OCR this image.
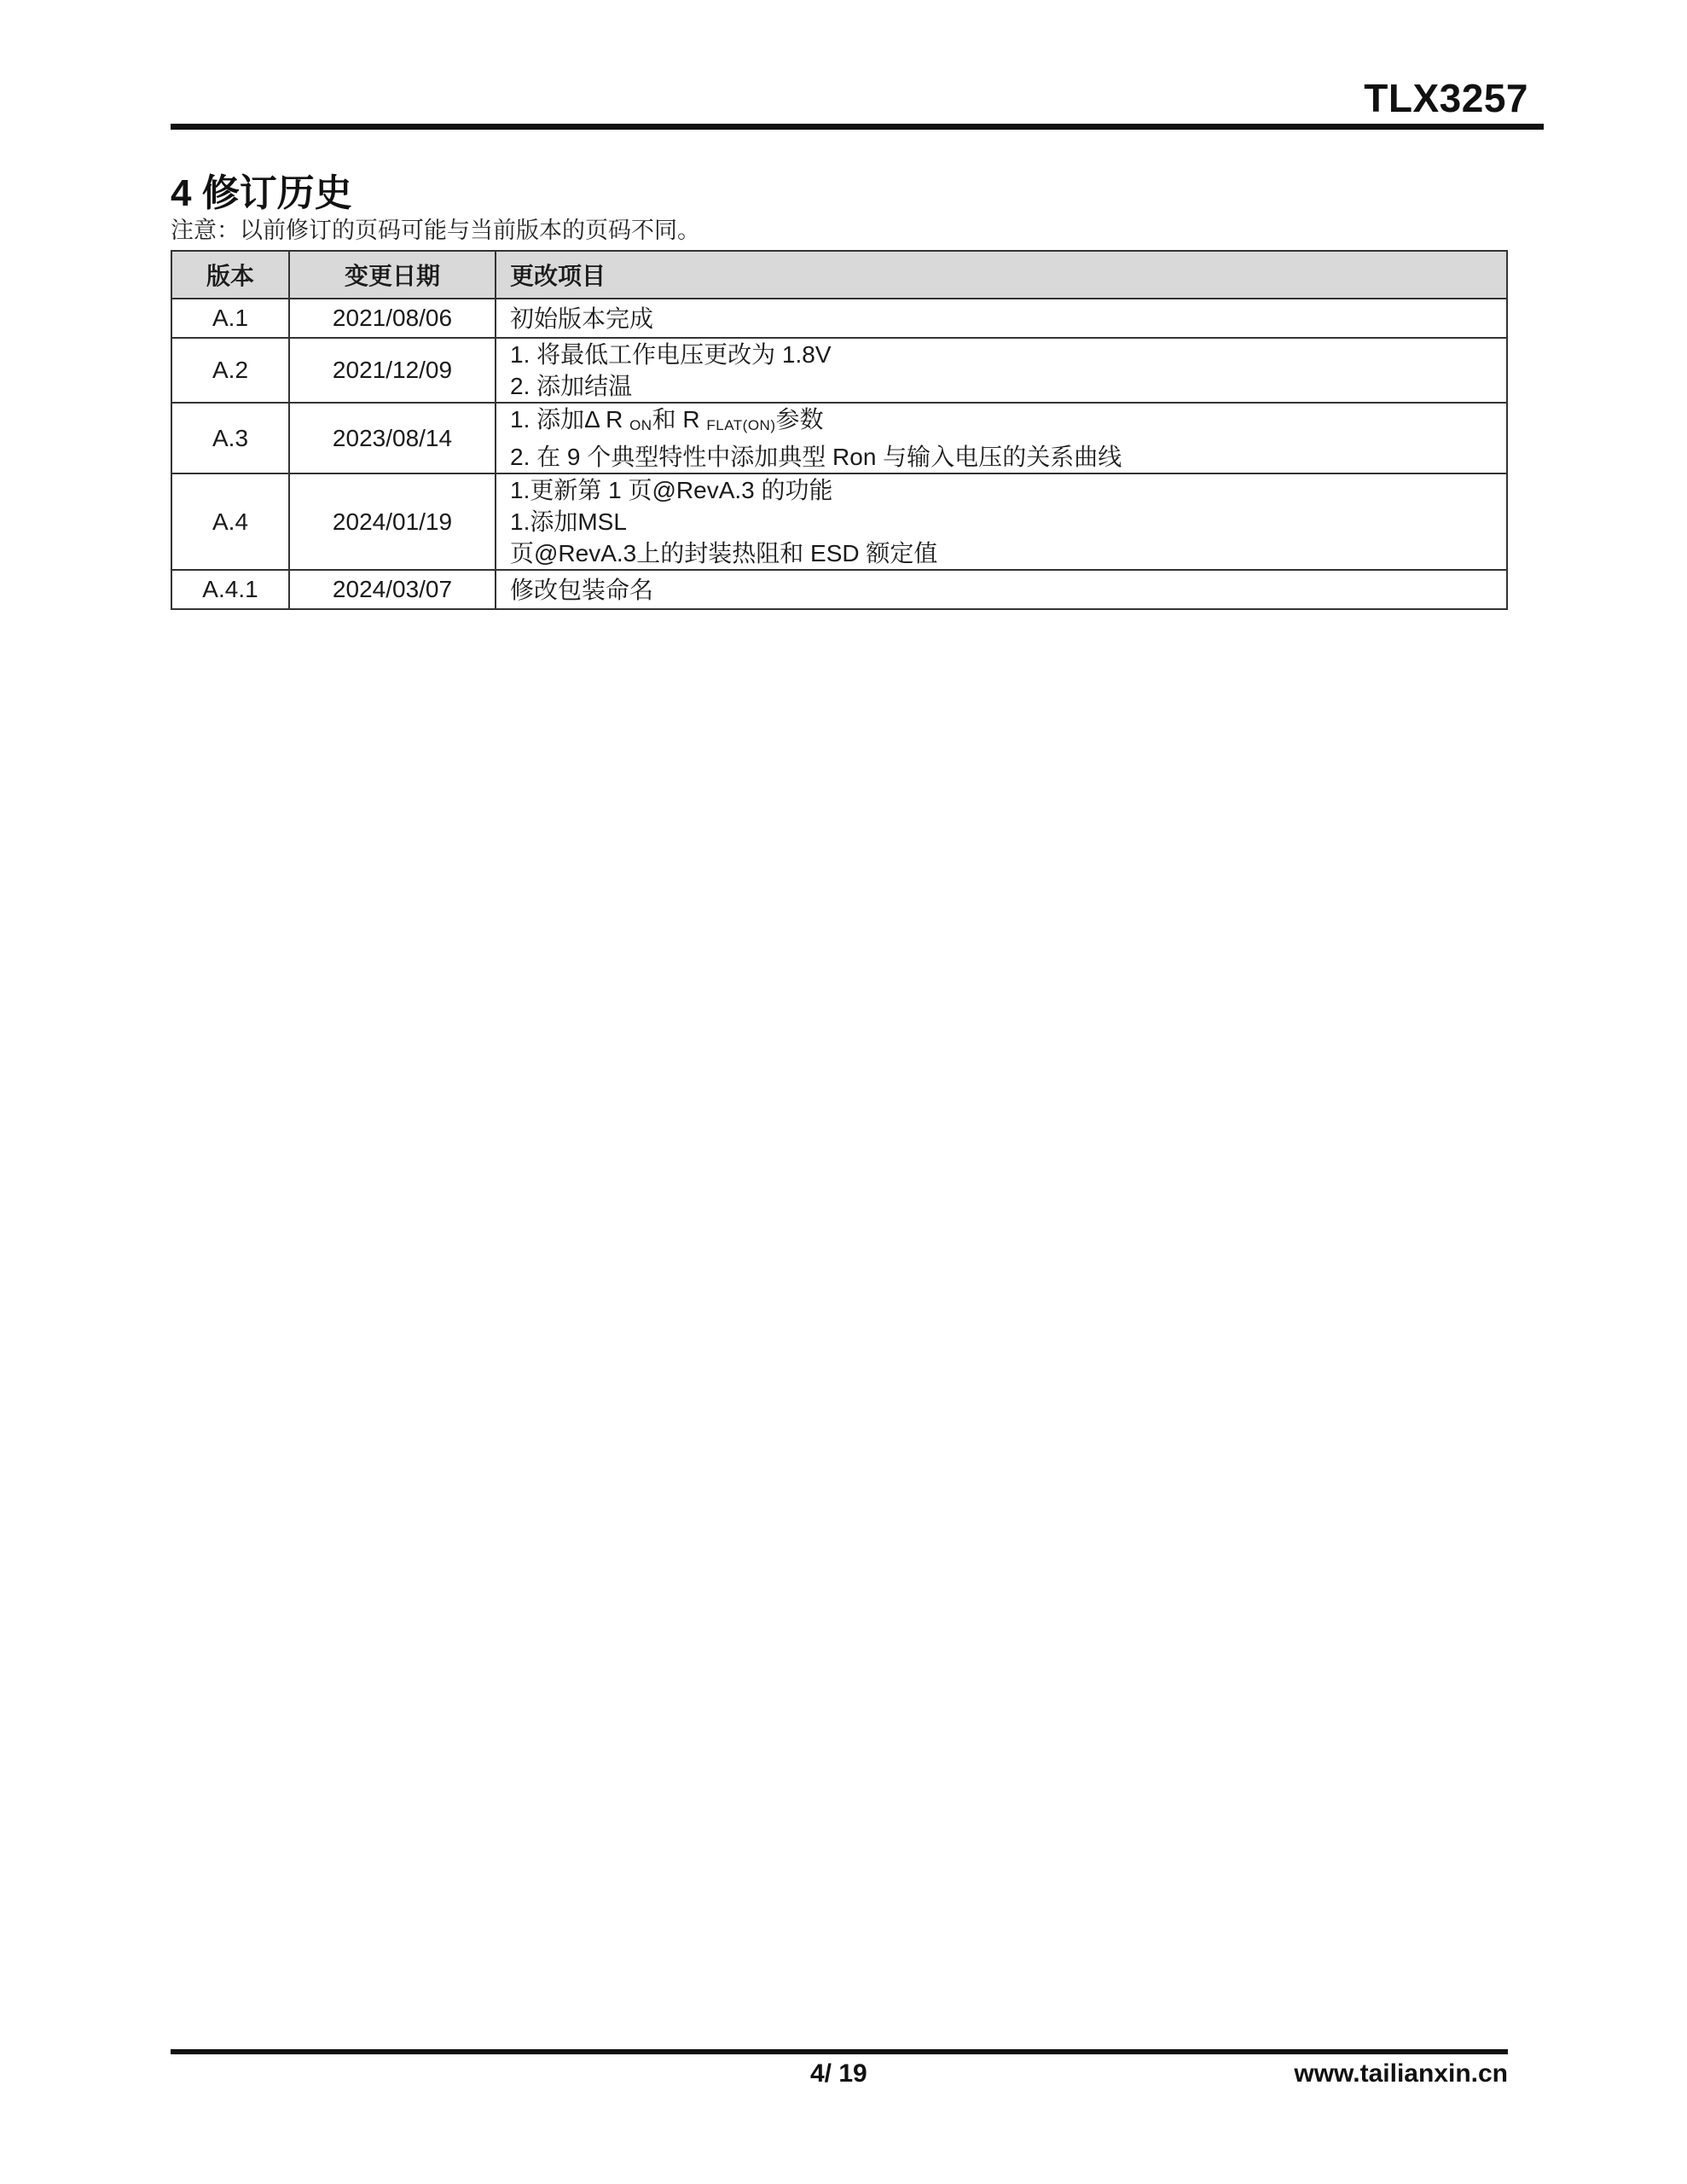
TLX3257
4 修订历史
注意：以前修订的页码可能与当前版本的页码不同。
版本	变更日期	更改项目
A.1	2021/08/06	初始版本完成

A.2	2021/12/09	1. 将最低工作电压更改为 1.8V
2. 添加结温

A.3	2023/08/14	1. 添加Δ R ON和 R FLAT(ON)参数
2. 在 9 个典型特性中添加典型 Ron 与输入电压的关系曲线

A.4	2024/01/19	1.更新第 1 页@RevA.3 的功能
1.添加MSL
页@RevA.3上的封装热阻和 ESD 额定值

A.4.1	2024/03/07	修改包装命名
4/ 19	www.tailianxin.cn
